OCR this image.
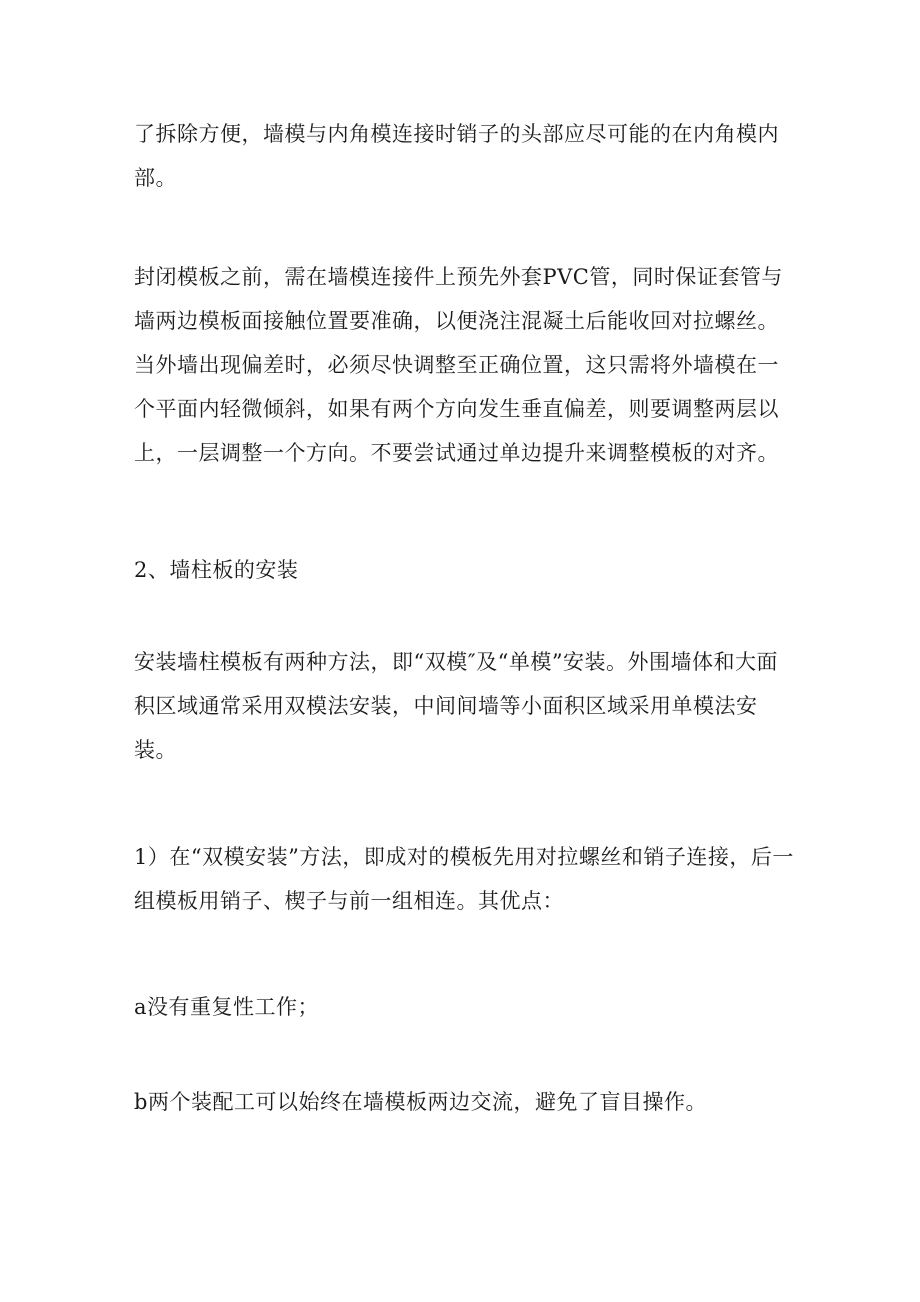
了拆除方便，墙模与内角模连接时销子的头部应尽可能的在内角模内部。

封闭模板之前，需在墙模连接件上预先外套PVC管，同时保证套管与墙两边模板面接触位置要准确，以便浇注混凝土后能收回对拉螺丝。当外墙出现偏差时，必须尽快调整至正确位置，这只需将外墙模在一个平面内轻微倾斜，如果有两个方向发生垂直偏差，则要调整两层以上，一层调整一个方向。不要尝试通过单边提升来调整模板的对齐。

2、墙柱板的安装

安装墙柱模板有两种方法，即“双模″及“单模”安装。外围墙体和大面积区域通常采用双模法安装，中间间墙等小面积区域采用单模法安装。

1）在“双模安装”方法，即成对的模板先用对拉螺丝和销子连接，后一组模板用销子、楔子与前一组相连。其优点：

a没有重复性工作；

b两个装配工可以始终在墙模板两边交流，避免了盲目操作。
